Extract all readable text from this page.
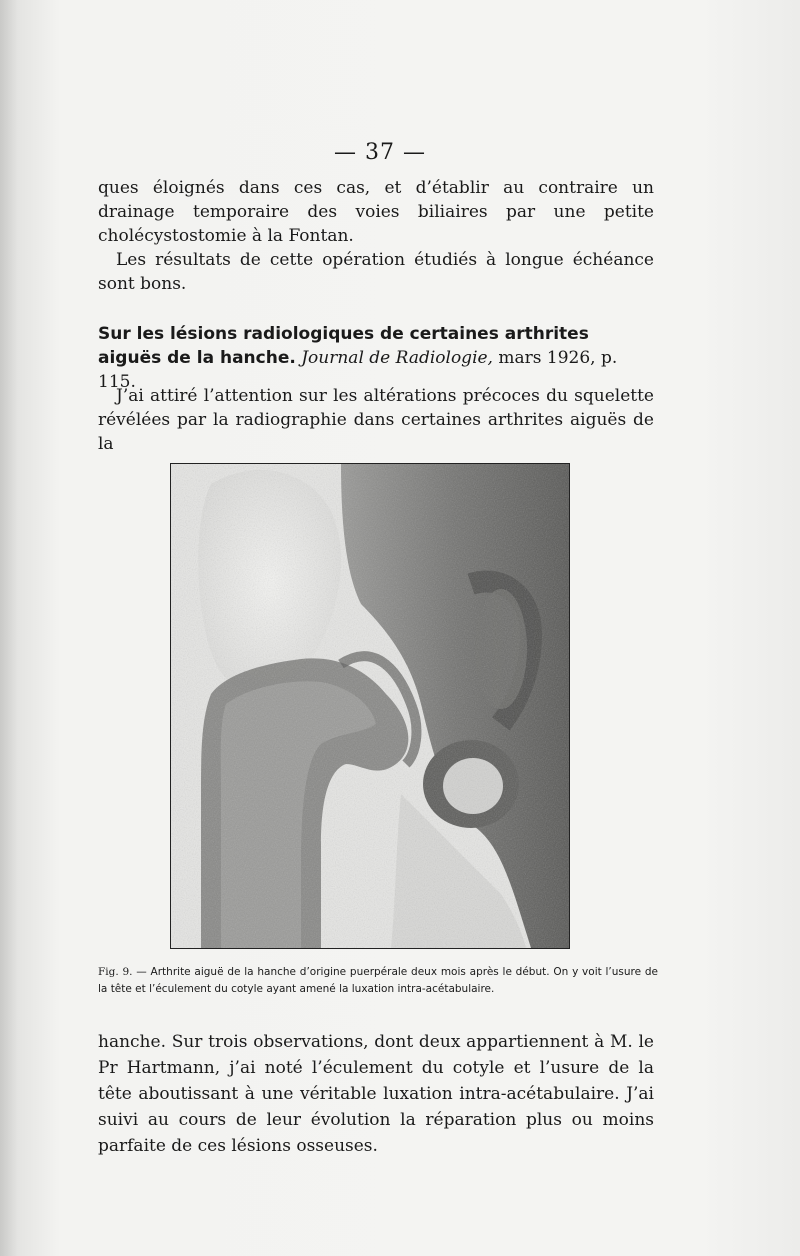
— 37 —

ques éloignés dans ces cas, et d’établir au contraire un drainage temporaire des voies biliaires par une petite cholécystostomie à la Fontan.

Les résultats de cette opération étudiés à longue échéance sont bons.

Sur les lésions radiologiques de certaines arthrites aiguës de la hanche. Journal de Radiologie, mars 1926, p. 115.

J’ai attiré l’attention sur les altérations précoces du squelette révélées par la radiographie dans certaines arthrites aiguës de la

Fig. 9. — Arthrite aiguë de la hanche d’origine puerpérale deux mois après le début. On y voit l’usure de la tête et l’éculement du cotyle ayant amené la luxation intra-acétabulaire.

hanche. Sur trois observations, dont deux appartiennent à M. le Pr Hartmann, j’ai noté l’éculement du cotyle et l’usure de la tête aboutissant à une véritable luxation intra-acétabulaire. J’ai suivi au cours de leur évolution la réparation plus ou moins parfaite de ces lésions osseuses.
